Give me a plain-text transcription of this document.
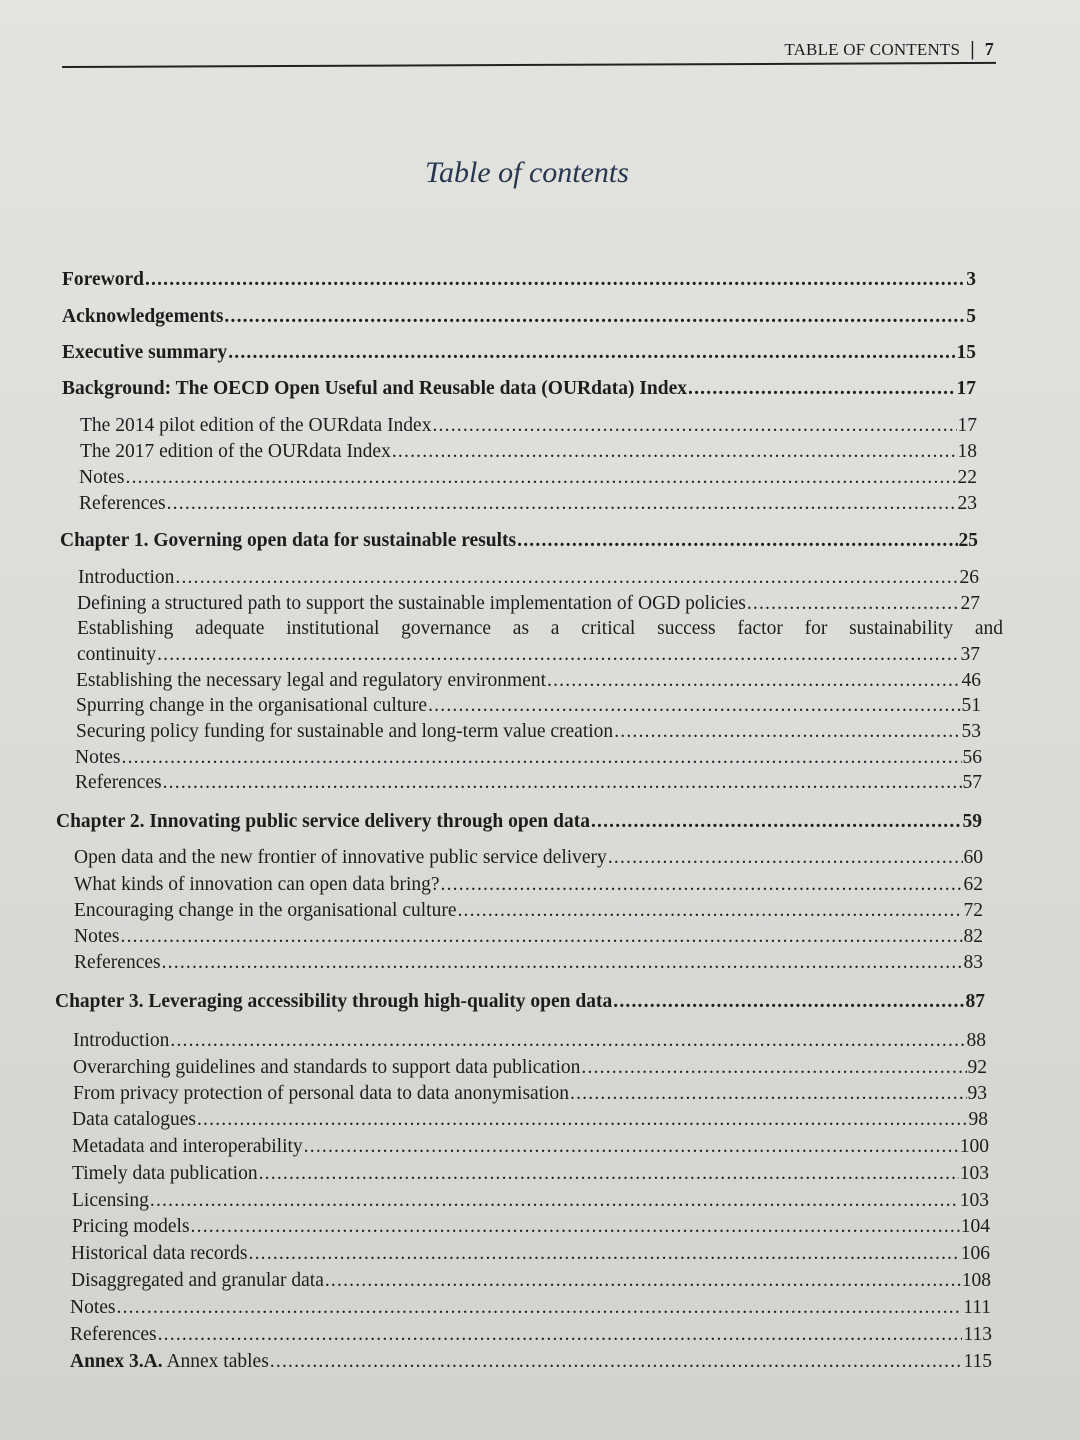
TABLE OF CONTENTS | 7
Table of contents
Foreword .....	3
Acknowledgements .....	5
Executive summary .....	15
Background: The OECD Open Useful and Reusable data (OURdata) Index .....	17
The 2014 pilot edition of the OURdata Index .....	17
The 2017 edition of the OURdata Index .....	18
Notes .....	22
References .....	23
Chapter 1. Governing open data for sustainable results .....	25
Introduction .....	26
Defining a structured path to support the sustainable implementation of OGD policies .....	27
Establishing adequate institutional governance as a critical success factor for sustainability and
continuity .....	37
Establishing the necessary legal and regulatory environment .....	46
Spurring change in the organisational culture .....	51
Securing policy funding for sustainable and long-term value creation .....	53
Notes .....	56
References .....	57
Chapter 2. Innovating public service delivery through open data .....	59
Open data and the new frontier of innovative public service delivery .....	60
What kinds of innovation can open data bring? .....	62
Encouraging change in the organisational culture .....	72
Notes .....	82
References .....	83
Chapter 3. Leveraging accessibility through high-quality open data .....	87
Introduction .....	88
Overarching guidelines and standards to support data publication .....	92
From privacy protection of personal data to data anonymisation .....	93
Data catalogues .....	98
Metadata and interoperability .....	100
Timely data publication .....	103
Licensing .....	103
Pricing models .....	104
Historical data records .....	106
Disaggregated and granular data .....	108
Notes .....	111
References .....	113
Annex 3.A. Annex tables .....	115
